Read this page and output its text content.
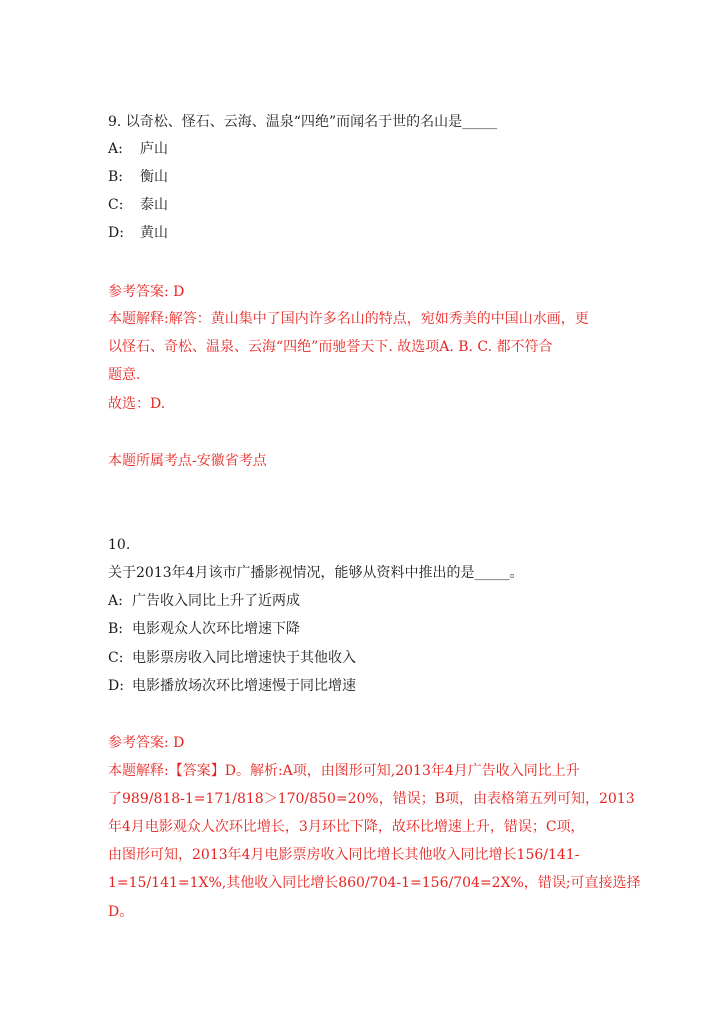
9. 以奇松、怪石、云海、温泉“四绝”而闻名于世的名山是_____
A: 庐山
B: 衡山
C: 泰山
D: 黄山
参考答案: D
本题解释:解答：黄山集中了国内许多名山的特点，宛如秀美的中国山水画，更
以怪石、奇松、温泉、云海“四绝”而驰誉天下. 故选项A. B. C. 都不符合
题意.
故选：D.
本题所属考点-安徽省考点
10.
关于2013年4月该市广播影视情况，能够从资料中推出的是_____。
A: 广告收入同比上升了近两成
B: 电影观众人次环比增速下降
C: 电影票房收入同比增速快于其他收入
D: 电影播放场次环比增速慢于同比增速
参考答案: D
本题解释:【答案】D。解析:A项，由图形可知,2013年4月广告收入同比上升
了989/818-1=171/818＞170/850=20%，错误；B项，由表格第五列可知，2013
年4月电影观众人次环比增长，3月环比下降，故环比增速上升，错误；C项，
由图形可知，2013年4月电影票房收入同比增长其他收入同比增长156/141-
1=15/141=1X%,其他收入同比增长860/704-1=156/704=2X%，错误;可直接选择
D。
